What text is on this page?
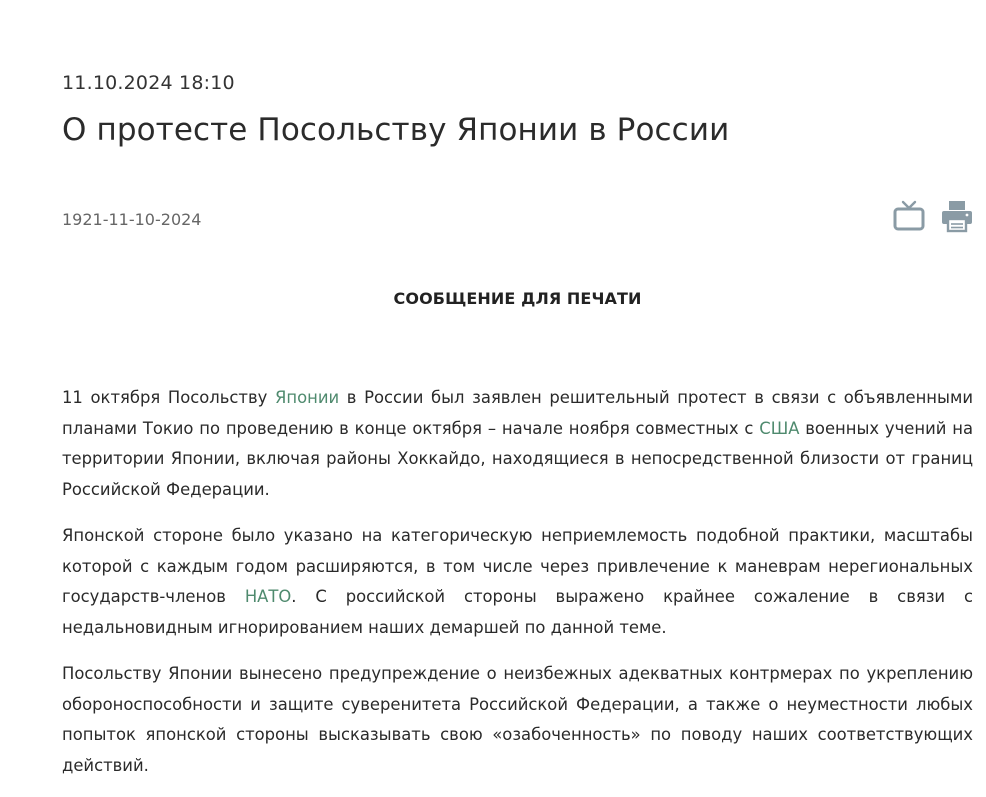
11.10.2024 18:10
О протесте Посольству Японии в России
1921-11-10-2024
СООБЩЕНИЕ ДЛЯ ПЕЧАТИ

11 октября Посольству Японии в России был заявлен решительный протест в связи с объявленными планами Токио по проведению в конце октября – начале ноября совместных с США военных учений на территории Японии, включая районы Хоккайдо, находящиеся в непосредственной близости от границ Российской Федерации.

Японской стороне было указано на категорическую неприемлемость подобной практики, масштабы которой с каждым годом расширяются, в том числе через привлечение к маневрам нерегиональных государств-членов НАТО. С российской стороны выражено крайнее сожаление в связи с недальновидным игнорированием наших демаршей по данной теме.

Посольству Японии вынесено предупреждение о неизбежных адекватных контрмерах по укреплению обороноспособности и защите суверенитета Российской Федерации, а также о неуместности любых попыток японской стороны высказывать свою «озабоченность» по поводу наших соответствующих действий.
